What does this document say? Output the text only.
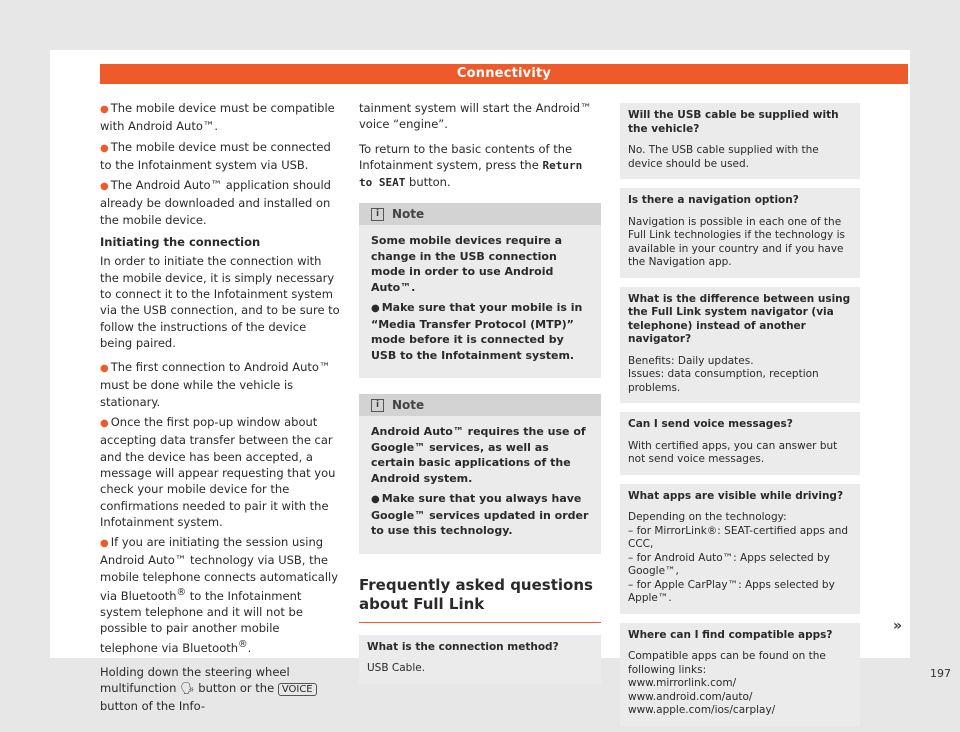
Connectivity

● The mobile device must be compatible with Android Auto™.

● The mobile device must be connected to the Infotainment system via USB.

● The Android Auto™ application should already be downloaded and installed on the mobile device.

Initiating the connection

In order to initiate the connection with the mobile device, it is simply necessary to connect it to the Infotainment system via the USB connection, and to be sure to follow the instructions of the device being paired.

● The first connection to Android Auto™ must be done while the vehicle is stationary.

● Once the first pop-up window about accepting data transfer between the car and the device has been accepted, a message will appear requesting that you check your mobile device for the confirmations needed to pair it with the Infotainment system.

● If you are initiating the session using Android Auto™ technology via USB, the mobile telephone connects automatically via Bluetooth® to the Infotainment system telephone and it will not be possible to pair another mobile telephone via Bluetooth®.

Holding down the steering wheel multifunction 🗣 button or the VOICE button of the Info-

tainment system will start the Android™ voice “engine”.

To return to the basic contents of the Infotainment system, press the Return to SEAT button.

i Note

Some mobile devices require a change in the USB connection mode in order to use Android Auto™.

● Make sure that your mobile is in “Media Transfer Protocol (MTP)” mode before it is connected by USB to the Infotainment system.

i Note

Android Auto™ requires the use of Google™ services, as well as certain basic applications of the Android system.

● Make sure that you always have Google™ services updated in order to use this technology.

Frequently asked questions about Full Link
What is the connection method?
USB Cable.
Will the USB cable be supplied with the vehicle?
No. The USB cable supplied with the device should be used.
Is there a navigation option?
Navigation is possible in each one of the Full Link technologies if the technology is available in your country and if you have the Navigation app.
What is the difference between using the Full Link system navigator (via telephone) instead of another navigator?
Benefits: Daily updates.
Issues: data consumption, reception problems.
Can I send voice messages?
With certified apps, you can answer but not send voice messages.
What apps are visible while driving?
Depending on the technology:
– for MirrorLink®: SEAT-certified apps and CCC,
– for Android Auto™: Apps selected by Google™,
– for Apple CarPlay™: Apps selected by Apple™.
Where can I find compatible apps?
Compatible apps can be found on the following links:
www.mirrorlink.com/
www.android.com/auto/
www.apple.com/ios/carplay/
»
197
